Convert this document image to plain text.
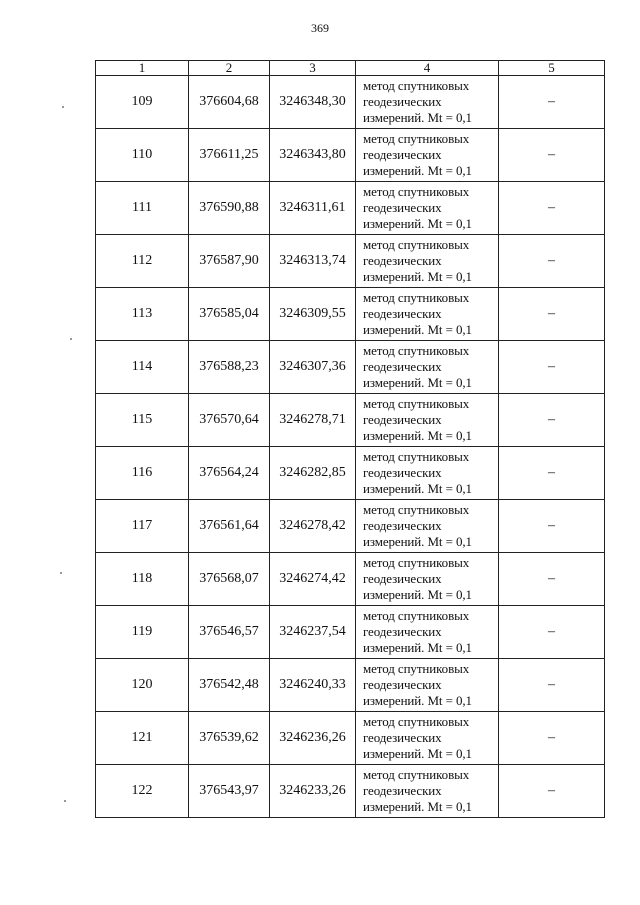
369
1	2	3	4	5
109	376604,68	3246348,30	метод спутниковых
геодезических
измерений. Mt = 0,1	–
110	376611,25	3246343,80	метод спутниковых
геодезических
измерений. Mt = 0,1	–
111	376590,88	3246311,61	метод спутниковых
геодезических
измерений. Mt = 0,1	–
112	376587,90	3246313,74	метод спутниковых
геодезических
измерений. Mt = 0,1	–
113	376585,04	3246309,55	метод спутниковых
геодезических
измерений. Mt = 0,1	–
114	376588,23	3246307,36	метод спутниковых
геодезических
измерений. Mt = 0,1	–
115	376570,64	3246278,71	метод спутниковых
геодезических
измерений. Mt = 0,1	–
116	376564,24	3246282,85	метод спутниковых
геодезических
измерений. Mt = 0,1	–
117	376561,64	3246278,42	метод спутниковых
геодезических
измерений. Mt = 0,1	–
118	376568,07	3246274,42	метод спутниковых
геодезических
измерений. Mt = 0,1	–
119	376546,57	3246237,54	метод спутниковых
геодезических
измерений. Mt = 0,1	–
120	376542,48	3246240,33	метод спутниковых
геодезических
измерений. Mt = 0,1	–
121	376539,62	3246236,26	метод спутниковых
геодезических
измерений. Mt = 0,1	–
122	376543,97	3246233,26	метод спутниковых
геодезических
измерений. Mt = 0,1	–
